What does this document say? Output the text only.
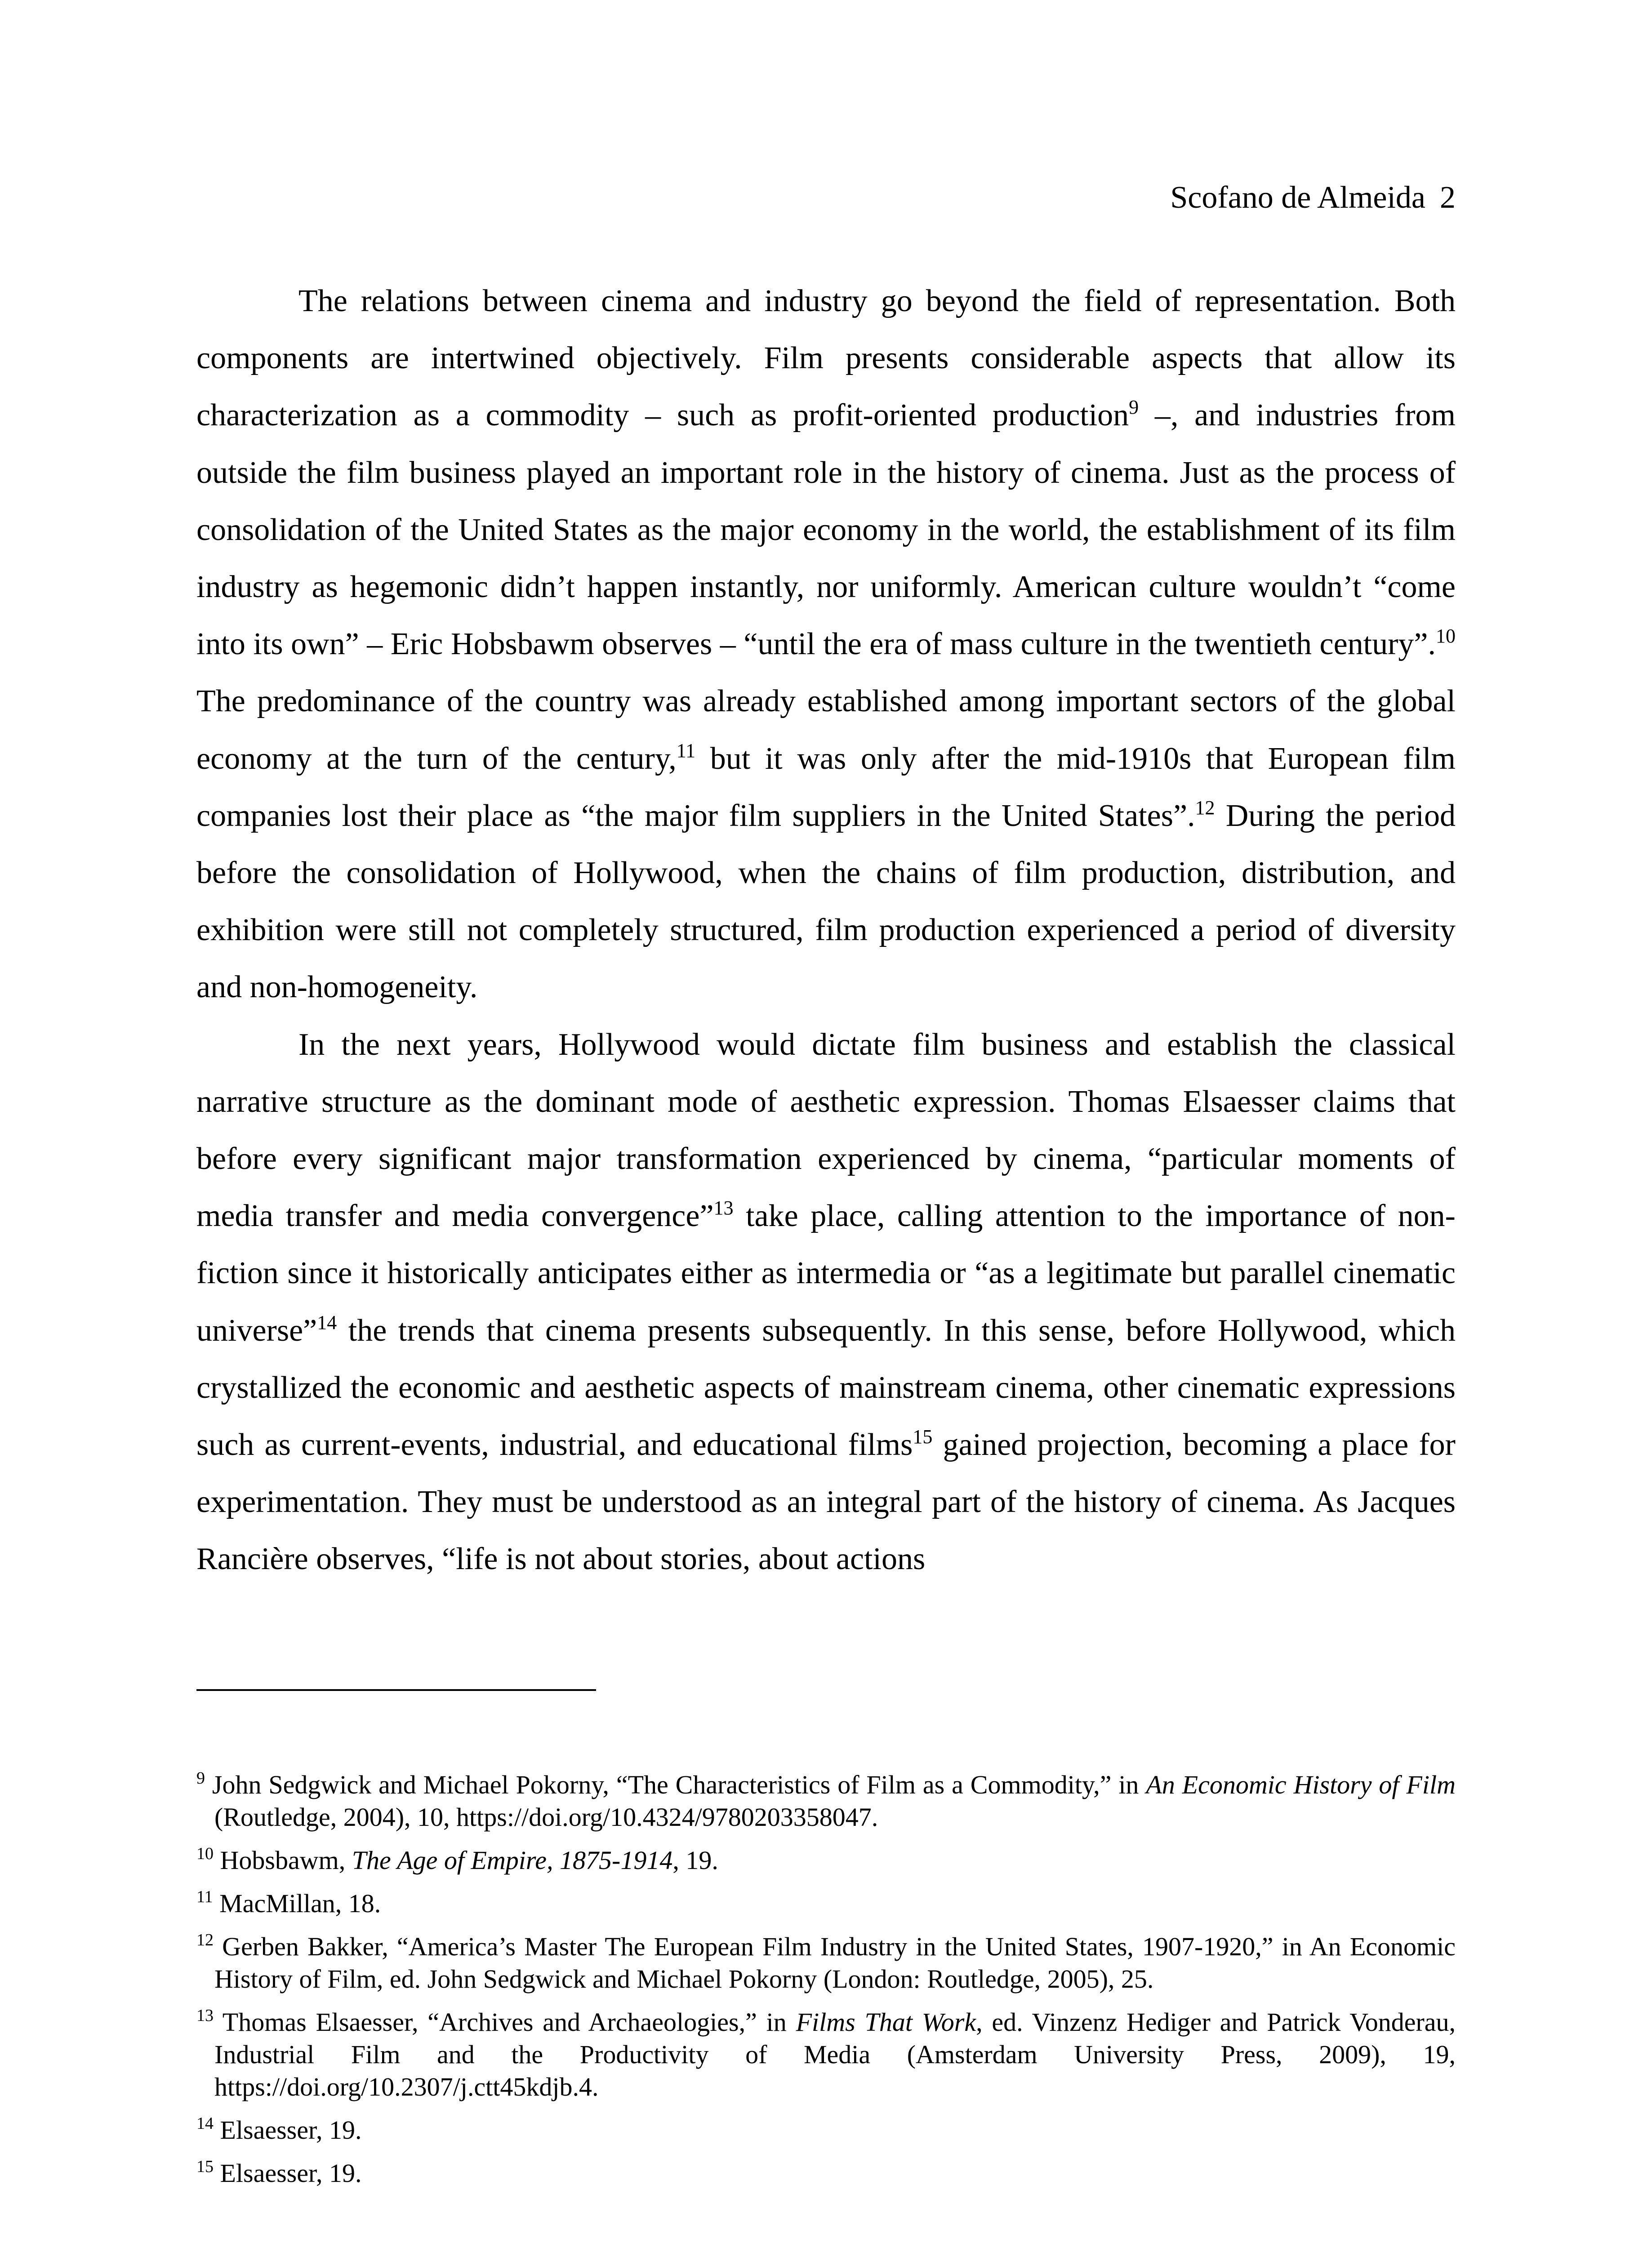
Scofano de Almeida 2

The relations between cinema and industry go beyond the field of representation. Both components are intertwined objectively. Film presents considerable aspects that allow its characterization as a commodity – such as profit-oriented production$^9$ –, and industries from outside the film business played an important role in the history of cinema. Just as the process of consolidation of the United States as the major economy in the world, the establishment of its film industry as hegemonic didn’t happen instantly, nor uniformly. American culture wouldn’t “come into its own” – Eric Hobsbawm observes – “until the era of mass culture in the twentieth century”.$^{10}$ The predominance of the country was already established among important sectors of the global economy at the turn of the century,$^{11}$ but it was only after the mid-1910s that European film companies lost their place as “the major film suppliers in the United States”.$^{12}$ During the period before the consolidation of Hollywood, when the chains of film production, distribution, and exhibition were still not completely structured, film production experienced a period of diversity and non-homogeneity.

In the next years, Hollywood would dictate film business and establish the classical narrative structure as the dominant mode of aesthetic expression. Thomas Elsaesser claims that before every significant major transformation experienced by cinema, “particular moments of media transfer and media convergence”$^{13}$ take place, calling attention to the importance of non-fiction since it historically anticipates either as intermedia or “as a legitimate but parallel cinematic universe”$^{14}$ the trends that cinema presents subsequently. In this sense, before Hollywood, which crystallized the economic and aesthetic aspects of mainstream cinema, other cinematic expressions such as current-events, industrial, and educational films$^{15}$ gained projection, becoming a place for experimentation. They must be understood as an integral part of the history of cinema. As Jacques Rancière observes, “life is not about stories, about actions

$^9$ John Sedgwick and Michael Pokorny, “The Characteristics of Film as a Commodity,” in An Economic History of Film (Routledge, 2004), 10, https://doi.org/10.4324/9780203358047.

$^{10}$ Hobsbawm, The Age of Empire, 1875-1914, 19.

$^{11}$ MacMillan, 18.

$^{12}$ Gerben Bakker, “America’s Master The European Film Industry in the United States, 1907-1920,” in An Economic History of Film, ed. John Sedgwick and Michael Pokorny (London: Routledge, 2005), 25.

$^{13}$ Thomas Elsaesser, “Archives and Archaeologies,” in Films That Work, ed. Vinzenz Hediger and Patrick Vonderau, Industrial Film and the Productivity of Media (Amsterdam University Press, 2009), 19, https://doi.org/10.2307/j.ctt45kdjb.4.

$^{14}$ Elsaesser, 19.

$^{15}$ Elsaesser, 19.
